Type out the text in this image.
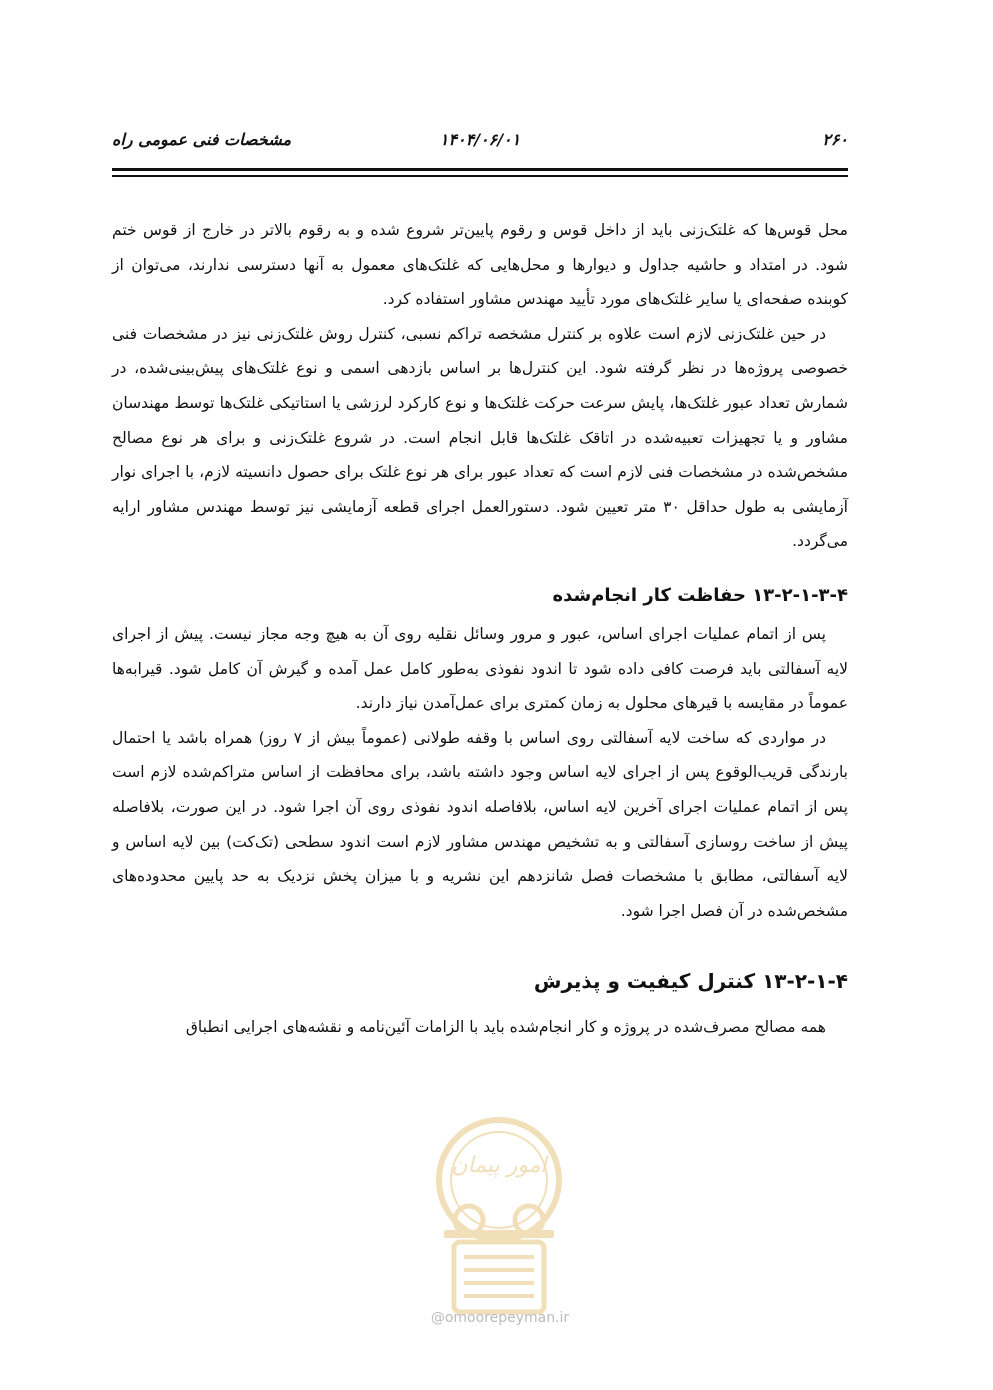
۲۶۰
۱۴۰۴/۰۶/۰۱
مشخصات فنی عمومی راه

محل قوس‌ها که غلتک‌زنی باید از داخل قوس و رقوم پایین‌تر شروع شده و به رقوم بالاتر در خارج از قوس ختم شود. در امتداد و حاشیه جداول و دیوارها و محل‌هایی که غلتک‌های معمول به آنها دسترسی ندارند، می‌توان از کوبنده صفحه‌ای یا سایر غلتک‌های مورد تأیید مهندس مشاور استفاده کرد.

در حین غلتک‌زنی لازم است علاوه بر کنترل مشخصه تراکم نسبی، کنترل روش غلتک‌زنی نیز در مشخصات فنی خصوصی پروژه‌ها در نظر گرفته شود. این کنترل‌ها بر اساس بازدهی اسمی و نوع غلتک‌های پیش‌بینی‌شده، در شمارش تعداد عبور غلتک‌ها، پایش سرعت حرکت غلتک‌ها و نوع کارکرد لرزشی یا استاتیکی غلتک‌ها توسط مهندسان مشاور و یا تجهیزات تعبیه‌شده در اتاقک غلتک‌ها قابل انجام است. در شروع غلتک‌زنی و برای هر نوع مصالح مشخص‌شده در مشخصات فنی لازم است که تعداد عبور برای هر نوع غلتک برای حصول دانسیته لازم، با اجرای نوار آزمایشی به طول حداقل ۳۰ متر تعیین شود. دستورالعمل اجرای قطعه آزمایشی نیز توسط مهندس مشاور ارایه می‌گردد.

۱۳-۲-۱-۳-۴ حفاظت کار انجام‌شده

پس از اتمام عملیات اجرای اساس، عبور و مرور وسائل نقلیه روی آن به هیچ وجه مجاز نیست. پیش از اجرای لایه آسفالتی باید فرصت کافی داده شود تا اندود نفوذی به‌طور کامل عمل آمده و گیرش آن کامل شود. قیرابه‌ها عموماً در مقایسه با قیرهای محلول به زمان کمتری برای عمل‌آمدن نیاز دارند.

در مواردی که ساخت لایه آسفالتی روی اساس با وقفه طولانی (عموماً بیش از ۷ روز) همراه باشد یا احتمال بارندگی قریب‌الوقوع پس از اجرای لایه اساس وجود داشته باشد، برای محافظت از اساس متراکم‌شده لازم است پس از اتمام عملیات اجرای آخرین لایه اساس، بلافاصله اندود نفوذی روی آن اجرا شود. در این صورت، بلافاصله پیش از ساخت روسازی آسفالتی و به تشخیص مهندس مشاور لازم است اندود سطحی (تک‌کت) بین لایه اساس و لایه آسفالتی، مطابق با مشخصات فصل شانزدهم این نشریه و با میزان پخش نزدیک به حد پایین محدوده‌های مشخص‌شده در آن فصل اجرا شود.

۱۳-۲-۱-۴ کنترل کیفیت و پذیرش

همه مصالح مصرف‌شده در پروژه و کار انجام‌شده باید با الزامات آئین‌نامه و نقشه‌های اجرایی انطباق

امور پیمان
@omoorepeyman.ir
